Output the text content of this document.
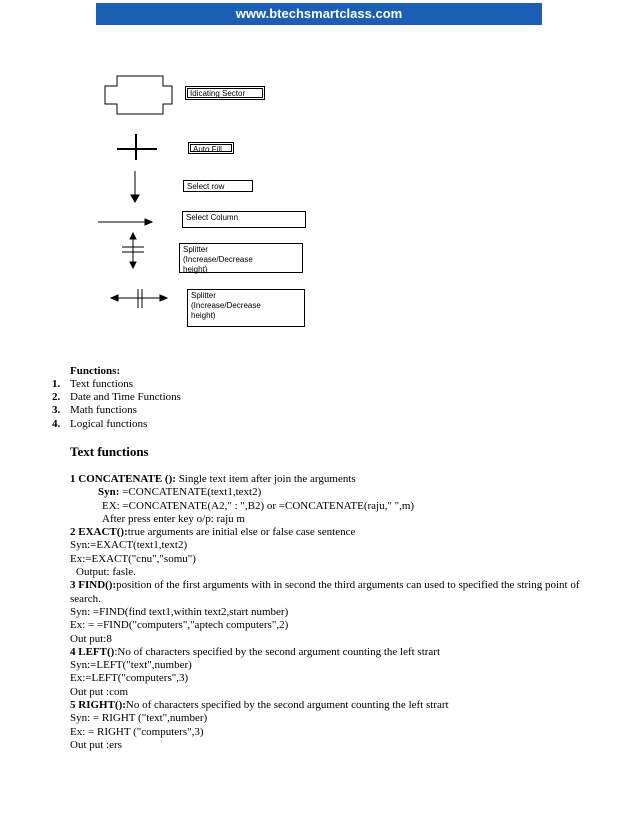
www.btechsmartclass.com
Idicating Sector
Auto Fill
Select row
Select Column
Splitter (Increase/Decrease height)
Splitter (Increase/Decrease height)
Functions:
1. Text functions
2. Date and Time Functions
3. Math functions
4. Logical functions
Text functions
1 CONCATENATE (): Single text item after join the arguments
Syn: =CONCATENATE(text1,text2)
EX: =CONCATENATE(A2," : ",B2) or =CONCATENATE(raju," ",m)
After press enter key o/p: raju m
2 EXACT():true arguments are initial else or false case sentence
Syn:=EXACT(text1,text2)
Ex:=EXACT("cnu","somu")
Output: fasle.
3 FIND():position of the first arguments with in second the third arguments can used to specified the string point of search.
Syn: =FIND(find text1,within text2,start number)
Ex: = =FIND("computers","aptech computers",2)
Out put:8
4 LEFT():No of characters specified by the second argument counting the left strart
Syn:=LEFT("text",number)
Ex:=LEFT("computers",3)
Out put :com
5 RIGHT():No of characters specified by the second argument counting the left strart
Syn: = RIGHT ("text",number)
Ex: = RIGHT ("computers",3)
Out put :ers
